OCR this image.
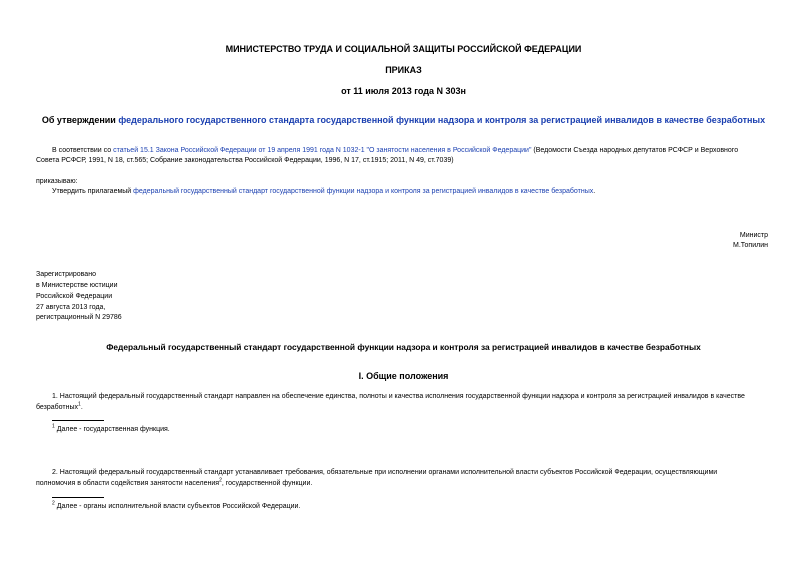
МИНИСТЕРСТВО ТРУДА И СОЦИАЛЬНОЙ ЗАЩИТЫ РОССИЙСКОЙ ФЕДЕРАЦИИ
ПРИКАЗ
от 11 июля 2013 года N 303н
Об утверждении федерального государственного стандарта государственной функции надзора и контроля за регистрацией инвалидов в качестве безработных
В соответствии со статьей 15.1 Закона Российской Федерации от 19 апреля 1991 года N 1032-1 "О занятости населения в Российской Федерации" (Ведомости Съезда народных депутатов РСФСР и Верховного
Совета РСФСР, 1991, N 18, ст.565; Собрание законодательства Российской Федерации, 1996, N 17, ст.1915; 2011, N 49, ст.7039)
приказываю:
Утвердить прилагаемый федеральный государственный стандарт государственной функции надзора и контроля за регистрацией инвалидов в качестве безработных.
Министр
М.Топилин
Зарегистрировано
в Министерстве юстиции
Российской Федерации
27 августа 2013 года,
регистрационный N 29786
Федеральный государственный стандарт государственной функции надзора и контроля за регистрацией инвалидов в качестве безработных
I. Общие положения
1. Настоящий федеральный государственный стандарт направлен на обеспечение единства, полноты и качества исполнения государственной функции надзора и контроля за регистрацией инвалидов в качестве
безработных$^1$.
$^1$ Далее - государственная функция.
2. Настоящий федеральный государственный стандарт устанавливает требования, обязательные при исполнении органами исполнительной власти субъектов Российской Федерации, осуществляющими
полномочия в области содействия занятости населения$^2$, государственной функции.
$^2$ Далее - органы исполнительной власти субъектов Российской Федерации.
